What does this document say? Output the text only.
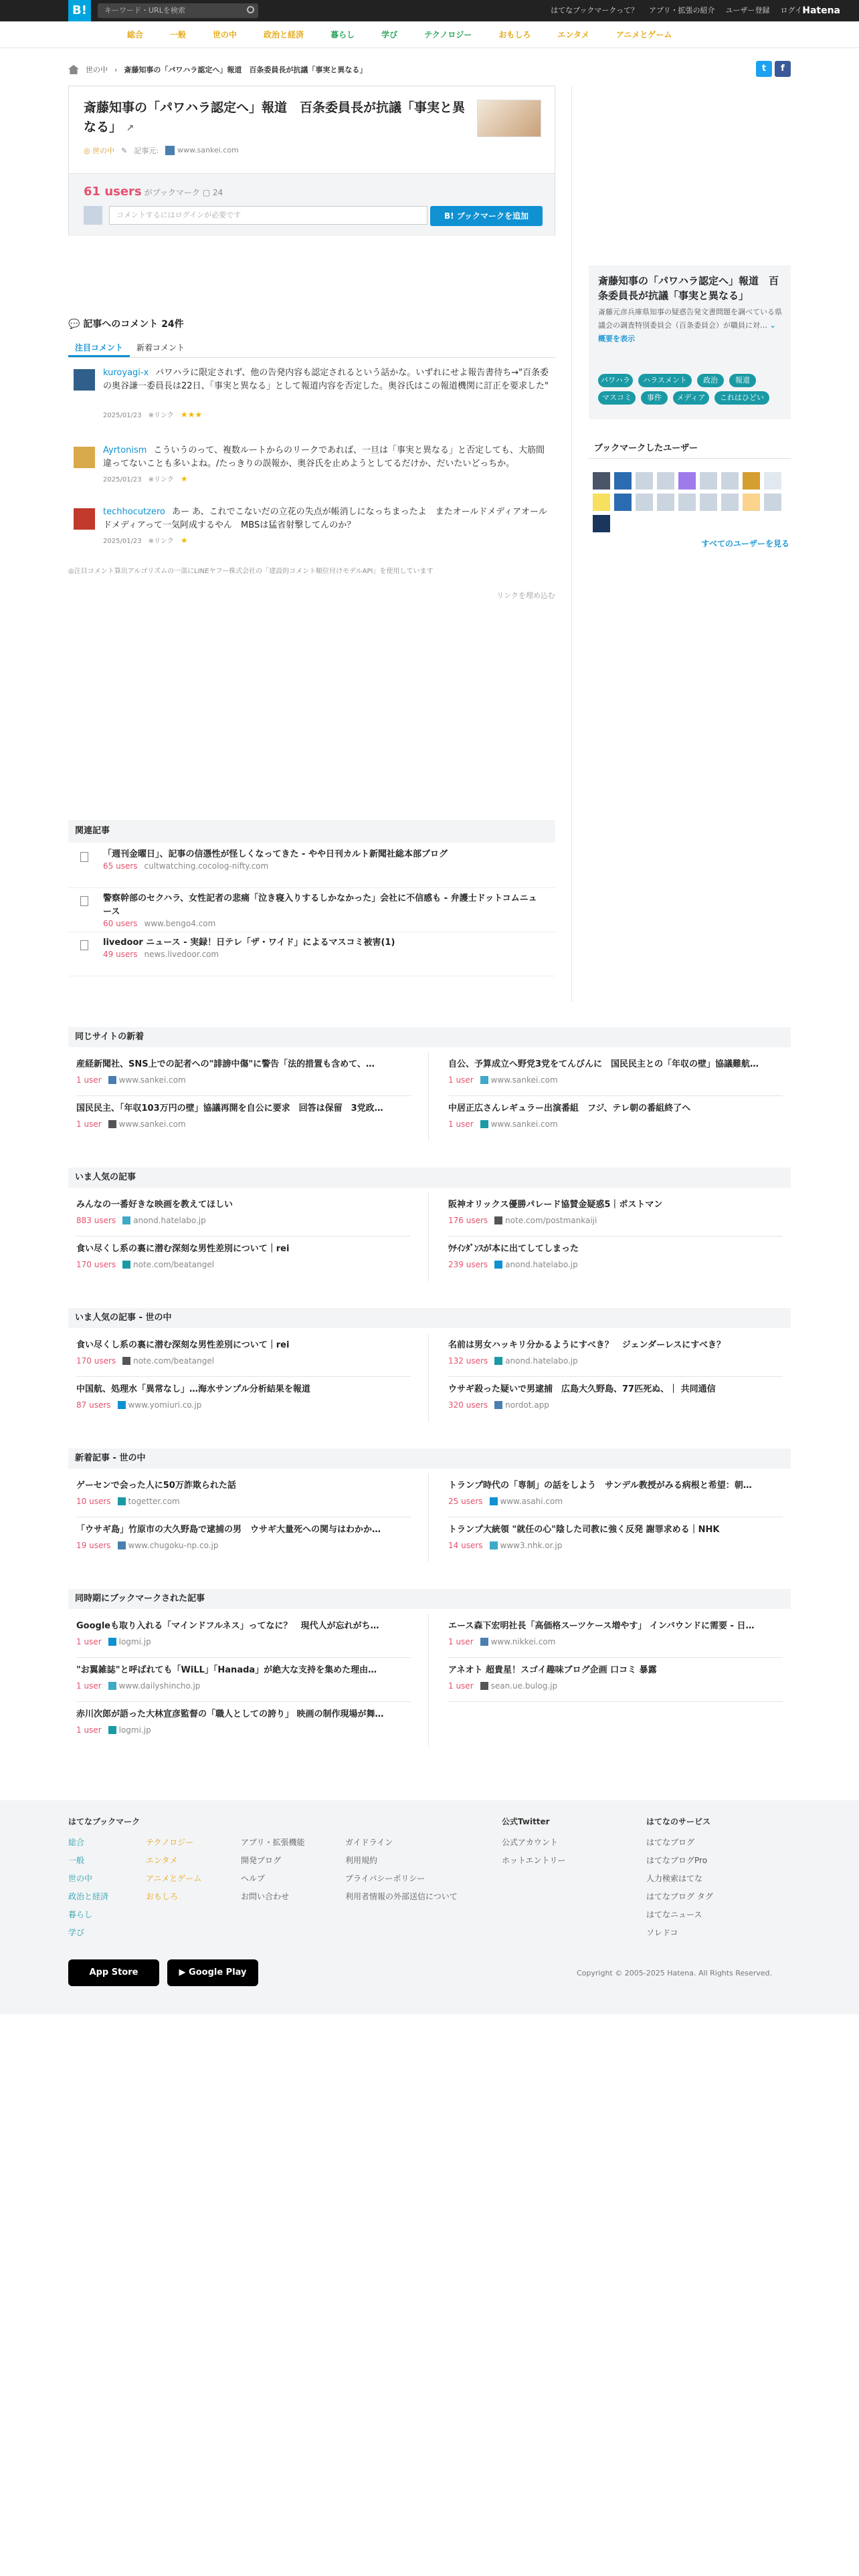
B!	キーワード・URLを検索	はてなブックマークって？ アプリ・拡張の紹介 ユーザー登録 ログイン
Hatena
総合	一般	世の中	政治と経済	暮らし	学び	テクノロジー	おもしろ	エンタメ	アニメとゲーム
世の中 › 斎藤知事の「パワハラ認定へ」報道　百条委員長が抗議「事実と異なる」	t	f
斎藤知事の「パワハラ認定へ」報道　百条委員長が抗議「事実と異なる」 ↗
◎ 世の中 ✎ 記事元:	www.sankei.com
61 users がブックマーク ▢ 24
コメントするにはログインが必要です	B! ブックマークを追加
💬 記事へのコメント 24件
注目コメント	新着コメント
kuroyagi-x パワハラに限定されず、他の告発内容も認定されるという話かな。いずれにせよ報告書待ち→"百条委の奥谷謙一委員長は22日、「事実と異なる」として報道内容を否定した。奥谷氏はこの報道機関に訂正を要求した"
2025/01/23 ※リンク ★★★
Ayrtonism こういうのって、複数ルートからのリークであれば、一旦は「事実と異なる」と否定しても、大筋間違ってないことも多いよね。/たっきりの誤報か、奥谷氏を止めようとしてるだけか、だいたいどっちか。
2025/01/23 ※リンク ★
techhocutzero あー あ、これでこないだの立花の失点が帳消しになっちまったよ　またオールドメディアオールドメディアって一気阿成するやん　MBSは猛省射撃してんのか？
2025/01/23 ※リンク ★
◎注目コメント算出アルゴリズムの一部にLINEヤフー株式会社の「建設的コメント順位付けモデルAPI」を使用しています
リンクを埋め込む
斎藤知事の「パワハラ認定へ」報道　百条委員長が抗議「事実と異なる」

斎藤元彦兵庫県知事の疑惑告発文書問題を調べている県議会の調査特別委員会（百条委員会）が職員に対… ⌄ 概要を表示

パワハラ	ハラスメント	政治	報道
マスコミ	事件	メディア	これはひどい
ブックマークしたユーザー
すべてのユーザーを見る
関連記事
「週刊金曜日」、記事の信憑性が怪しくなってきた - やや日刊カルト新聞社総本部ブログ
65 users cultwatching.cocolog-nifty.com
警察幹部のセクハラ、女性記者の悲痛「泣き寝入りするしかなかった」会社に不信感も - 弁護士ドットコムニュース
60 users www.bengo4.com
livedoor ニュース - 実録！日テレ「ザ・ワイド」によるマスコミ被害(1)
49 users news.livedoor.com
同じサイトの新着
産経新聞社、SNS上での記者への"誹謗中傷"に警告「法的措置も含めて、…
1 user www.sankei.com
自公、予算成立へ野党3党をてんびんに　国民民主との「年収の壁」協議難航…
1 user www.sankei.com
国民民主、「年収103万円の壁」協議再開を自公に要求　回答は保留　3党政…
1 user www.sankei.com
中居正広さんレギュラー出演番組　フジ、テレ朝の番組終了へ
1 user www.sankei.com
いま人気の記事
みんなの一番好きな映画を教えてほしい
883 users anond.hatelabo.jp
阪神オリックス優勝パレード協賛金疑惑5｜ポストマン
176 users note.com/postmankaiji
食い尽くし系の裏に潜む深刻な男性差別について｜rei
170 users note.com/beatangel
ｳﾁｲﾝﾀﾞﾝｽが本に出てしてしまった
239 users anond.hatelabo.jp
いま人気の記事 - 世の中
食い尽くし系の裏に潜む深刻な男性差別について｜rei
170 users note.com/beatangel
名前は男女ハッキリ分かるようにすべき？　ジェンダーレスにすべき？
132 users anond.hatelabo.jp
中国航、処理水「異常なし」…海水サンプル分析結果を報道
87 users www.yomiuri.co.jp
ウサギ殺った疑いで男逮捕　広島大久野島、77匹死ぬ、｜ 共同通信
320 users nordot.app
新着記事 - 世の中
ゲーセンで会った人に50万詐欺られた話
10 users togetter.com
トランプ時代の「専制」の話をしよう　サンデル教授がみる病根と希望：朝…
25 users www.asahi.com
「ウサギ島」竹原市の大久野島で逮捕の男　ウサギ大量死への関与はわかか…
19 users www.chugoku-np.co.jp
トランプ大統領 "就任の心"陰した司教に強く反発 謝罪求める｜NHK
14 users www3.nhk.or.jp
同時期にブックマークされた記事
Googleも取り入れる「マインドフルネス」ってなに？　現代人が忘れがち…
1 user logmi.jp
エース森下宏明社長「高価格スーツケース増やす」 インバウンドに需要 - 日…
1 user www.nikkei.com
"お翼雑誌"と呼ばれても「WiLL」「Hanada」が絶大な支持を集めた理由…
1 user www.dailyshincho.jp
アネオト 超貴星！スゴイ趣味ブログ企画 口コミ 暴露
1 user sean.ue.bulog.jp
赤川次郎が語った大林宣彦監督の「職人としての誇り」 映画の制作現場が舞…
1 user logmi.jp
はてなブックマーク
総合
一般
世の中
政治と経済
暮らし
学び
テクノロジー
エンタメ
アニメとゲーム
おもしろ
アプリ・拡張機能
開発ブログ
ヘルプ
お問い合わせ
ガイドライン
利用規約
プライバシーポリシー
利用者情報の外部送信について
公式Twitter
公式アカウント
ホットエントリー
はてなのサービス
はてなブログ
はてなブログPro
人力検索はてな
はてなブログ タグ
はてなニュース
ソレドコ
App Store	▶ Google Play	Copyright © 2005-2025 Hatena. All Rights Reserved.
